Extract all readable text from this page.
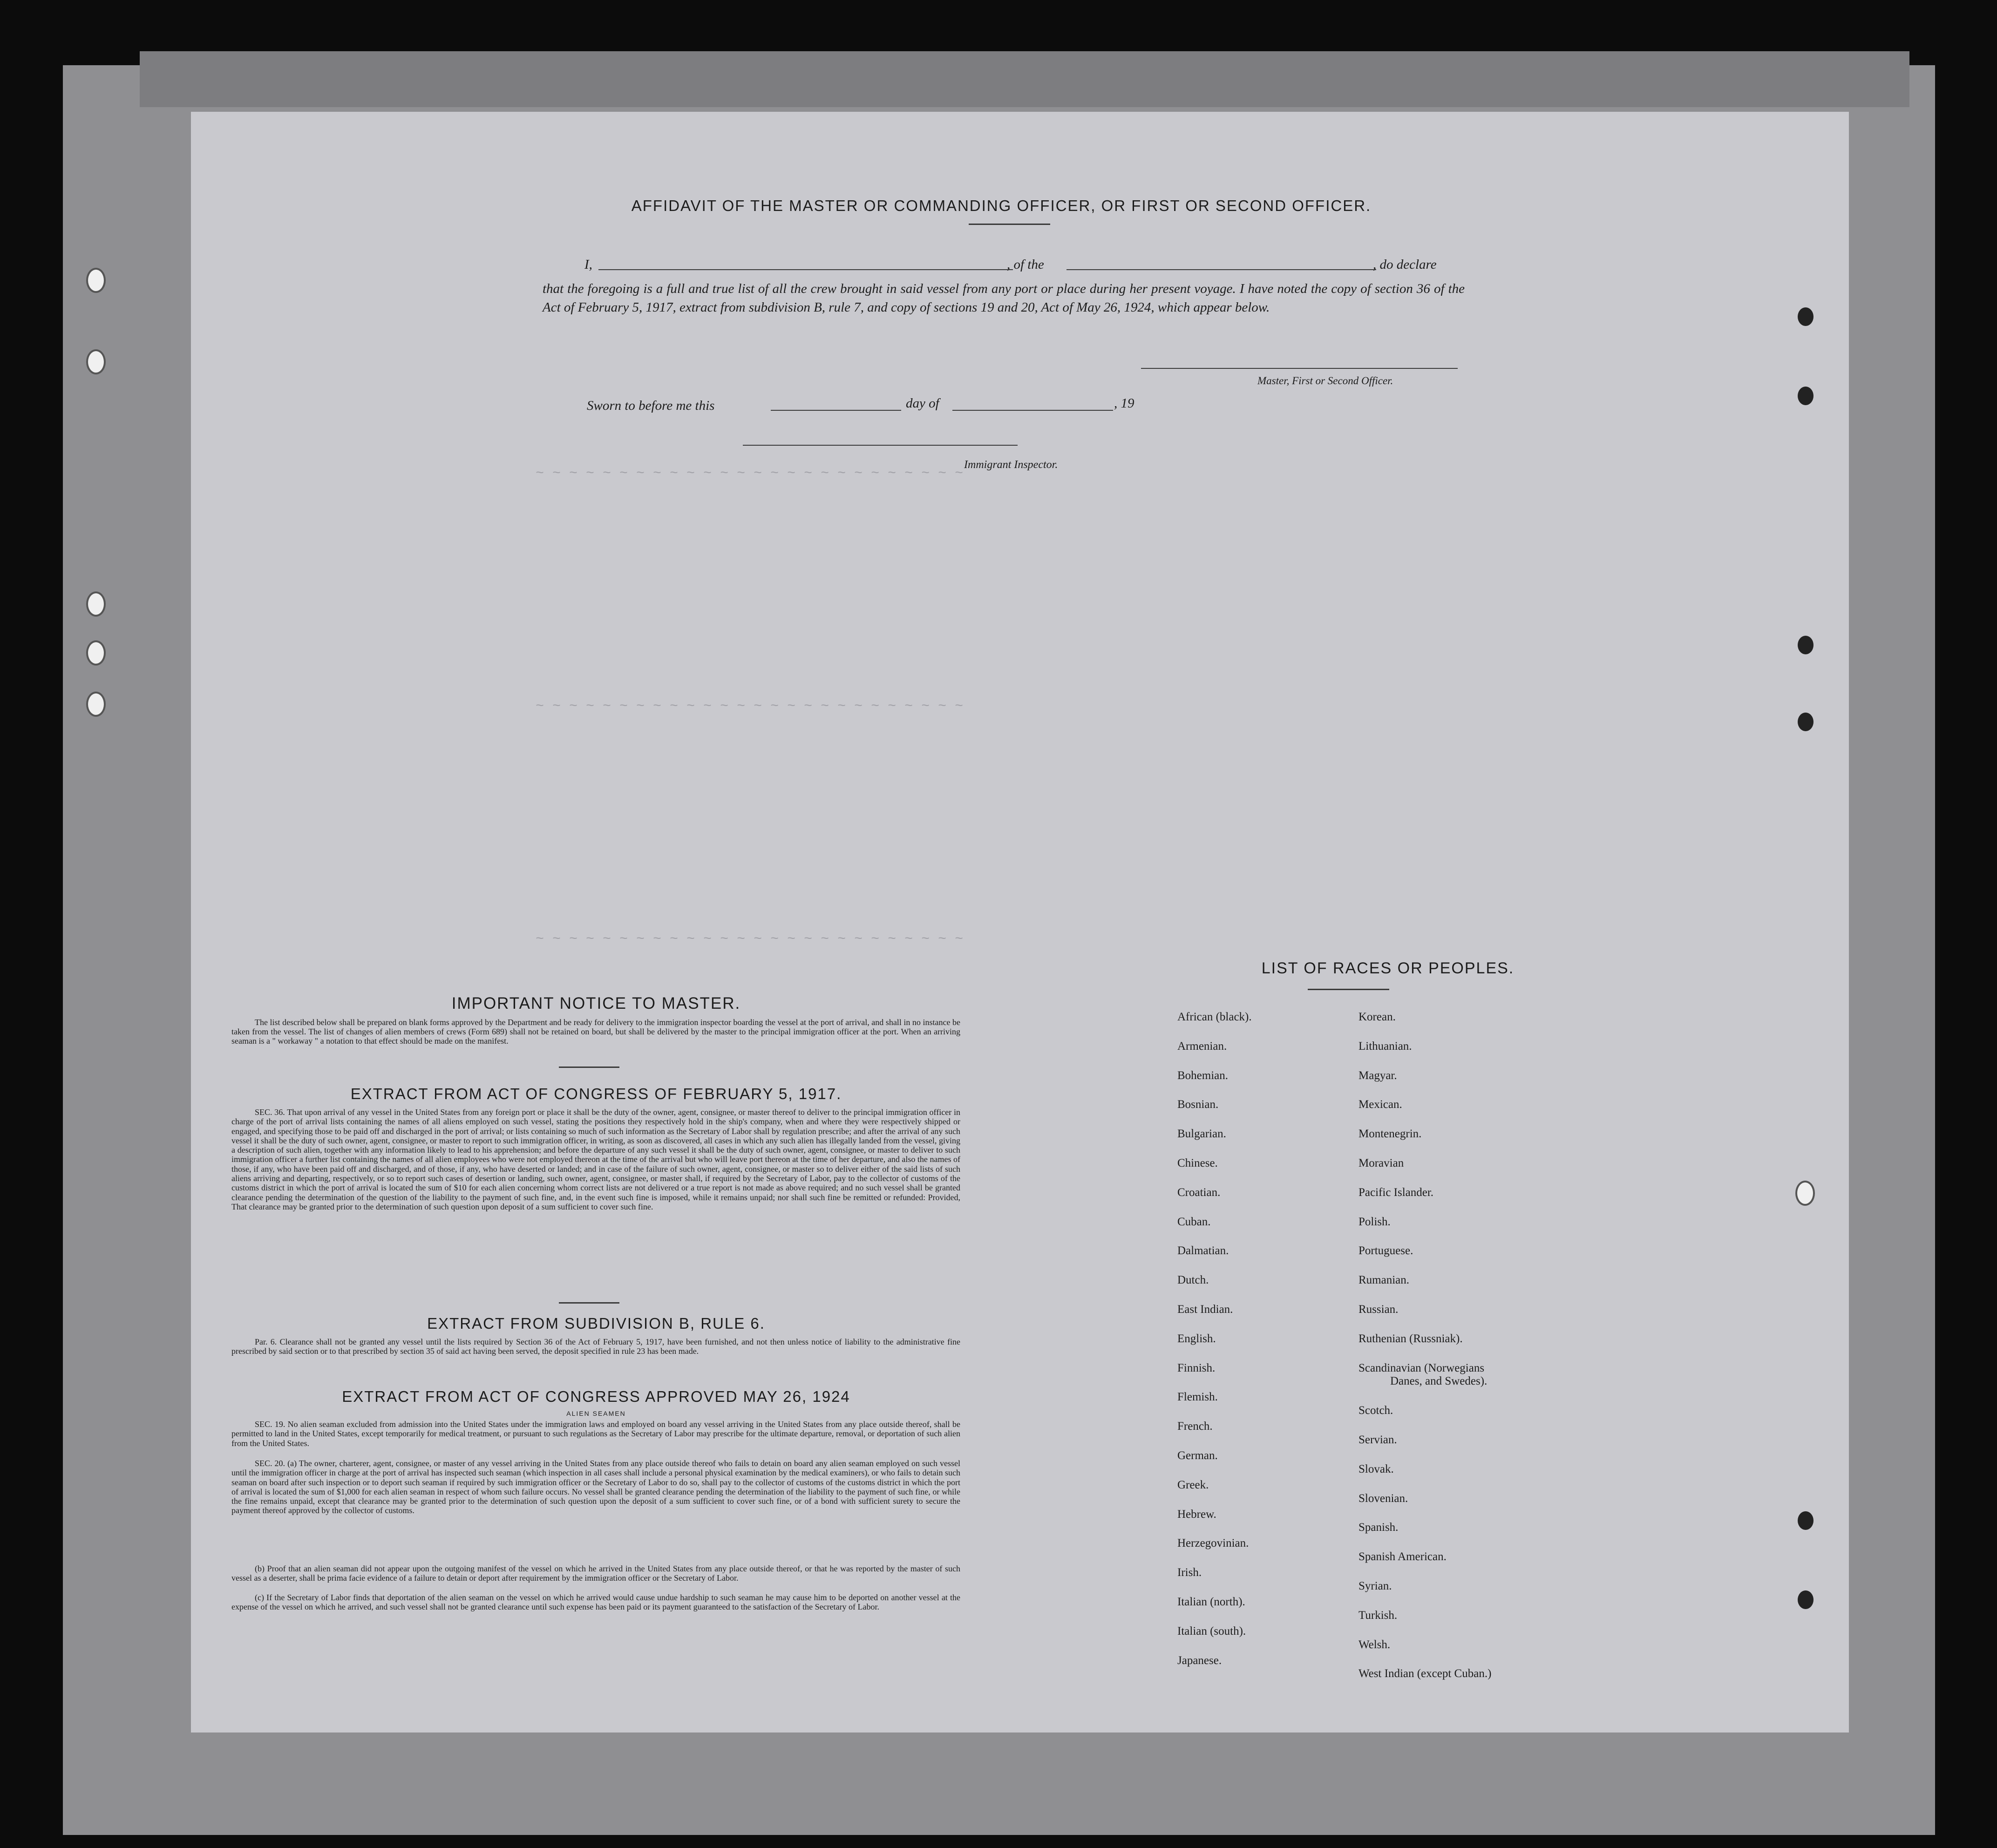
~ ~ ~ ~ ~ ~ ~ ~ ~ ~ ~ ~ ~ ~ ~ ~ ~ ~ ~ ~ ~ ~ ~ ~ ~ ~
~ ~ ~ ~ ~ ~ ~ ~ ~ ~ ~ ~ ~ ~ ~ ~ ~ ~ ~ ~ ~ ~ ~ ~ ~ ~
~ ~ ~ ~ ~ ~ ~ ~ ~ ~ ~ ~ ~ ~ ~ ~ ~ ~ ~ ~ ~ ~ ~ ~ ~ ~
AFFIDAVIT OF THE MASTER OR COMMANDING OFFICER, OR FIRST OR SECOND OFFICER.
I,	, of the	, do declare
that the foregoing is a full and true list of all the crew brought in said vessel from any port or place during her present voyage. I have noted the copy of section 36 of the Act of February 5, 1917, extract from subdivision B, rule 7, and copy of sections 19 and 20, Act of May 26, 1924, which appear below.
Master, First or Second Officer.
Sworn to before me this	day of	, 19
Immigrant Inspector.
IMPORTANT NOTICE TO MASTER.
The list described below shall be prepared on blank forms approved by the Department and be ready for delivery to the immigration inspector boarding the vessel at the port of arrival, and shall in no instance be taken from the vessel. The list of changes of alien members of crews (Form 689) shall not be retained on board, but shall be delivered by the master to the principal immigration officer at the port. When an arriving seaman is a " workaway " a notation to that effect should be made on the manifest.
EXTRACT FROM ACT OF CONGRESS OF FEBRUARY 5, 1917.
SEC. 36. That upon arrival of any vessel in the United States from any foreign port or place it shall be the duty of the owner, agent, consignee, or master thereof to deliver to the principal immigration officer in charge of the port of arrival lists containing the names of all aliens employed on such vessel, stating the positions they respectively hold in the ship's company, when and where they were respectively shipped or engaged, and specifying those to be paid off and discharged in the port of arrival; or lists containing so much of such information as the Secretary of Labor shall by regulation prescribe; and after the arrival of any such vessel it shall be the duty of such owner, agent, consignee, or master to report to such immigration officer, in writing, as soon as discovered, all cases in which any such alien has illegally landed from the vessel, giving a description of such alien, together with any information likely to lead to his apprehension; and before the departure of any such vessel it shall be the duty of such owner, agent, consignee, or master to deliver to such immigration officer a further list containing the names of all alien employees who were not employed thereon at the time of the arrival but who will leave port thereon at the time of her departure, and also the names of those, if any, who have been paid off and discharged, and of those, if any, who have deserted or landed; and in case of the failure of such owner, agent, consignee, or master so to deliver either of the said lists of such aliens arriving and departing, respectively, or so to report such cases of desertion or landing, such owner, agent, consignee, or master shall, if required by the Secretary of Labor, pay to the collector of customs of the customs district in which the port of arrival is located the sum of $10 for each alien concerning whom correct lists are not delivered or a true report is not made as above required; and no such vessel shall be granted clearance pending the determination of the question of the liability to the payment of such fine, and, in the event such fine is imposed, while it remains unpaid; nor shall such fine be remitted or refunded: Provided, That clearance may be granted prior to the determination of such question upon deposit of a sum sufficient to cover such fine.
EXTRACT FROM SUBDIVISION B, RULE 6.
Par. 6. Clearance shall not be granted any vessel until the lists required by Section 36 of the Act of February 5, 1917, have been furnished, and not then unless notice of liability to the administrative fine prescribed by said section or to that prescribed by section 35 of said act having been served, the deposit specified in rule 23 has been made.
EXTRACT FROM ACT OF CONGRESS APPROVED MAY 26, 1924
ALIEN SEAMEN
SEC. 19. No alien seaman excluded from admission into the United States under the immigration laws and employed on board any vessel arriving in the United States from any place outside thereof, shall be permitted to land in the United States, except temporarily for medical treatment, or pursuant to such regulations as the Secretary of Labor may prescribe for the ultimate departure, removal, or deportation of such alien from the United States.
SEC. 20. (a) The owner, charterer, agent, consignee, or master of any vessel arriving in the United States from any place outside thereof who fails to detain on board any alien seaman employed on such vessel until the immigration officer in charge at the port of arrival has inspected such seaman (which inspection in all cases shall include a personal physical examination by the medical examiners), or who fails to detain such seaman on board after such inspection or to deport such seaman if required by such immigration officer or the Secretary of Labor to do so, shall pay to the collector of customs of the customs district in which the port of arrival is located the sum of $1,000 for each alien seaman in respect of whom such failure occurs. No vessel shall be granted clearance pending the determination of the liability to the payment of such fine, or while the fine remains unpaid, except that clearance may be granted prior to the determination of such question upon the deposit of a sum sufficient to cover such fine, or of a bond with sufficient surety to secure the payment thereof approved by the collector of customs.
(b) Proof that an alien seaman did not appear upon the outgoing manifest of the vessel on which he arrived in the United States from any place outside thereof, or that he was reported by the master of such vessel as a deserter, shall be prima facie evidence of a failure to detain or deport after requirement by the immigration officer or the Secretary of Labor.
(c) If the Secretary of Labor finds that deportation of the alien seaman on the vessel on which he arrived would cause undue hardship to such seaman he may cause him to be deported on another vessel at the expense of the vessel on which he arrived, and such vessel shall not be granted clearance until such expense has been paid or its payment guaranteed to the satisfaction of the Secretary of Labor.
LIST OF RACES OR PEOPLES.
African (black).
Armenian.
Bohemian.
Bosnian.
Bulgarian.
Chinese.
Croatian.
Cuban.
Dalmatian.
Dutch.
East Indian.
English.
Finnish.
Flemish.
French.
German.
Greek.
Hebrew.
Herzegovinian.
Irish.
Italian (north).
Italian (south).
Japanese.
Korean.
Lithuanian.
Magyar.
Mexican.
Montenegrin.
Moravian
Pacific Islander.
Polish.
Portuguese.
Rumanian.
Russian.
Ruthenian (Russniak).
Scandinavian (Norwegians
Danes, and Swedes).
Scotch.
Servian.
Slovak.
Slovenian.
Spanish.
Spanish American.
Syrian.
Turkish.
Welsh.
West Indian (except Cuban.)
